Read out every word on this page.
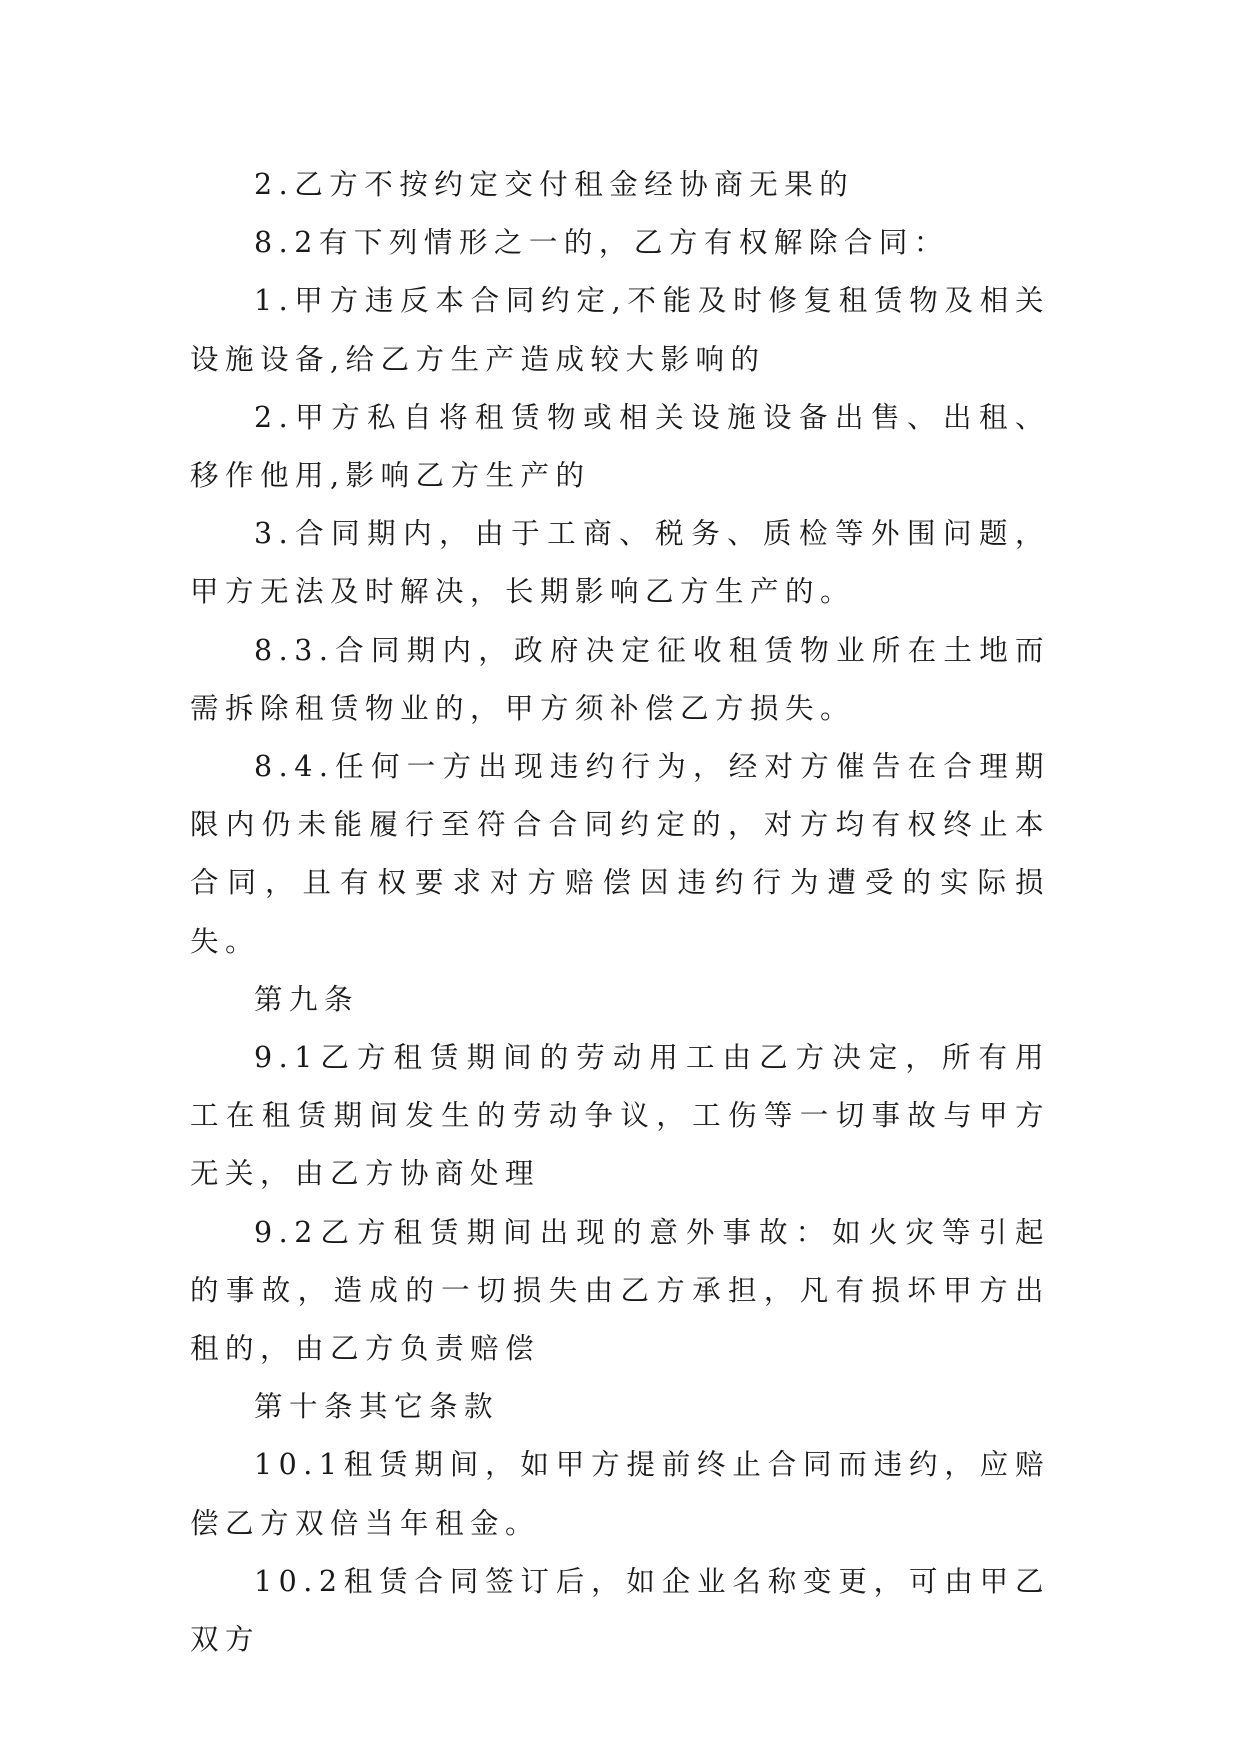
2.乙方不按约定交付租金经协商无果的

8.2有下列情形之一的，乙方有权解除合同：

1.甲方违反本合同约定,不能及时修复租赁物及相关设施设备,给乙方生产造成较大影响的

2.甲方私自将租赁物或相关设施设备出售、出租、移作他用,影响乙方生产的

3.合同期内，由于工商、税务、质检等外围问题，甲方无法及时解决，长期影响乙方生产的。

8.3.合同期内，政府决定征收租赁物业所在土地而需拆除租赁物业的，甲方须补偿乙方损失。

8.4.任何一方出现违约行为，经对方催告在合理期限内仍未能履行至符合合同约定的，对方均有权终止本合同，且有权要求对方赔偿因违约行为遭受的实际损失。

第九条

9.1乙方租赁期间的劳动用工由乙方决定，所有用工在租赁期间发生的劳动争议，工伤等一切事故与甲方无关，由乙方协商处理

9.2乙方租赁期间出现的意外事故：如火灾等引起的事故，造成的一切损失由乙方承担，凡有损坏甲方出租的，由乙方负责赔偿

第十条其它条款

10.1租赁期间，如甲方提前终止合同而违约，应赔偿乙方双倍当年租金。

10.2租赁合同签订后，如企业名称变更，可由甲乙双方
